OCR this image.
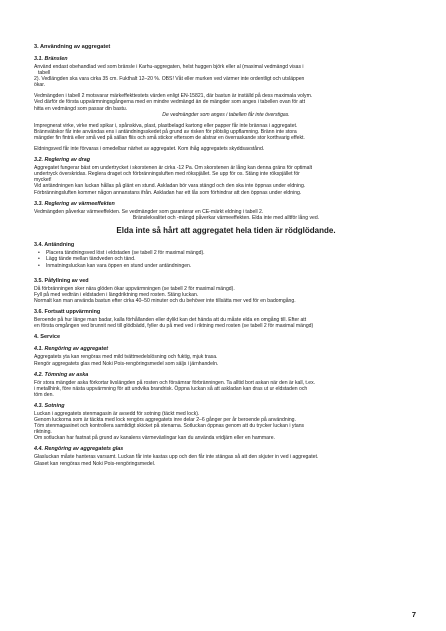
3. Användning av aggregatet

3.1. Bränslen

Använd endast obehandlad ved som bränsle i Karhu-aggregaten, helst huggen björk eller al (maximal vedmängd visas i
tabell
2). Vedlängden ska vara cirka 35 cm. Fukthalt 12–20 %. OBS! Våt eller murken ved värmer inte ordentligt och utsläppen
ökar.

Vedmängden i tabell 2 motsvarar märkeffekttestets värden enligt EN-15821, där bastun är inställd på dess maximala volym.
Ved därför de första uppvärmningsgångerna med en mindre vedmängd än de mängder som anges i tabellen ovan för att
hitta en vedmängd som passar din bastu.
De vedmängder som anges i tabellen får inte överstigas.

Impregnerat virke, virke med spikar i, spånskiva, plast, plastbelagd kartong eller papper får inte brännas i aggregatet.
Brännvätskor får inte användas ens i antändningsskedet på grund av risken för plötslig uppflamning. Bränn inte stora
mängder fin finträ eller små ved på sällan fliis och små stickor eftersom de alstrar en överraskande stor korthvarig effekt.

Eldningsved får inte förvaras i omedelbar närhet av aggregatet. Kom ihåg aggregatets skyddsavstånd.

3.2. Reglering av drag

Aggregatet fungerar bäst om undertrycket i skorstenen är cirka -12 Pa. Om skorstenen är lång kan denna gräns för optimalt
undertryck överskridas. Reglera draget och förbränningsluften med rökspjället. Se upp för os. Stäng inte rökspjället för
mycket!
Vid antändningen kan luckan hållas på glänt en stund. Askladan bör vara stängd och den ska inte öppnas under eldning.
Förbränningsluften kommer någon annanstans ifrån. Askladan har ett lås som förhindrar att den öppnas under eldning.

3.3. Reglering av värmeeffekten

Vedmängden påverkar värmeeffekten. Se vedmängder som garanterar en CE-märkt eldning i tabell 2.
Bränslekvalitet och -mängd påverkar värmeeffekten. Elda inte med alltför lång ved.

Elda inte så hårt att aggregatet hela tiden är rödglödande.

3.4. Antändning

• Placera tändningsved löst i eldstaden (se tabell 2 för maximal mängd).
• Lägg tände mellan tändveden och tänd.
• Inmatningsluckan kan vara öppen en stund under antändningen.

3.5. Påfyllning av ved

Då förbränningen sker nära glöden ökar uppvärmningen (se tabell 2 för maximal mängd).
Fyll på med vedträn i eldstaden i längdriktning med rosten. Stäng luckan.
Normalt kan man använda bastun efter cirka 40–50 minuter och du behöver inte tillsätta mer ved för en badomgång.

3.6. Fortsatt uppvärmning

Beroende på hur länge man badar, kalla förhållanden eller dylikt kan det hända att du måste elda en omgång till. Efter att
en första omgången ved brunnit ned till glödbädd, fyller du på med ved i riktning med rosten (se tabell 2 för maximal mängd)

4. Service

4.1. Rengöring av aggregatet

Aggregatets yta kan rengöras med mild tvättmedelslösning och fuktig, mjuk trasa.
Rengör aggregatets glas med Noki Pois-rengöringsmedel som säljs i järnhandeln.

4.2. Tömning av aska

För stora mängder aska förkortar livslängden på rosten och försämrar förbränningen. Ta alltid bort askan när den är kall, t.ex.
i metallhink, före nästa uppvärmning för att undvika brandrisk. Öppna luckan så att askladan kan dras ut ur eldstaden och
töm den.

4.3. Sotning

Luckan i aggregatets stenmagasin är avsedd för sotning (täckt med lock).
Genom luckorna som är täckta med lock rengörs aggregatets inre delar 2–6 gånger per år beroende på användning.
Töm stenmagasinet och kontrollera samtidigt skicket på stenarna. Sotluckan öppnas genom att du trycker luckan i ytans
riktning.
Om sotluckan har fastnat på grund av kanalens värmeväxlingar kan du använda vridjärn eller en hammare.

4.4. Rengöring av aggregatets glas

Glasluckan måste hanteras varsamt. Luckan får inte kastas upp och den får inte stängas så att den skjuter in ved i aggregatet.
Glaset kan rengöras med Noki Pois-rengöringsmedel.

7
